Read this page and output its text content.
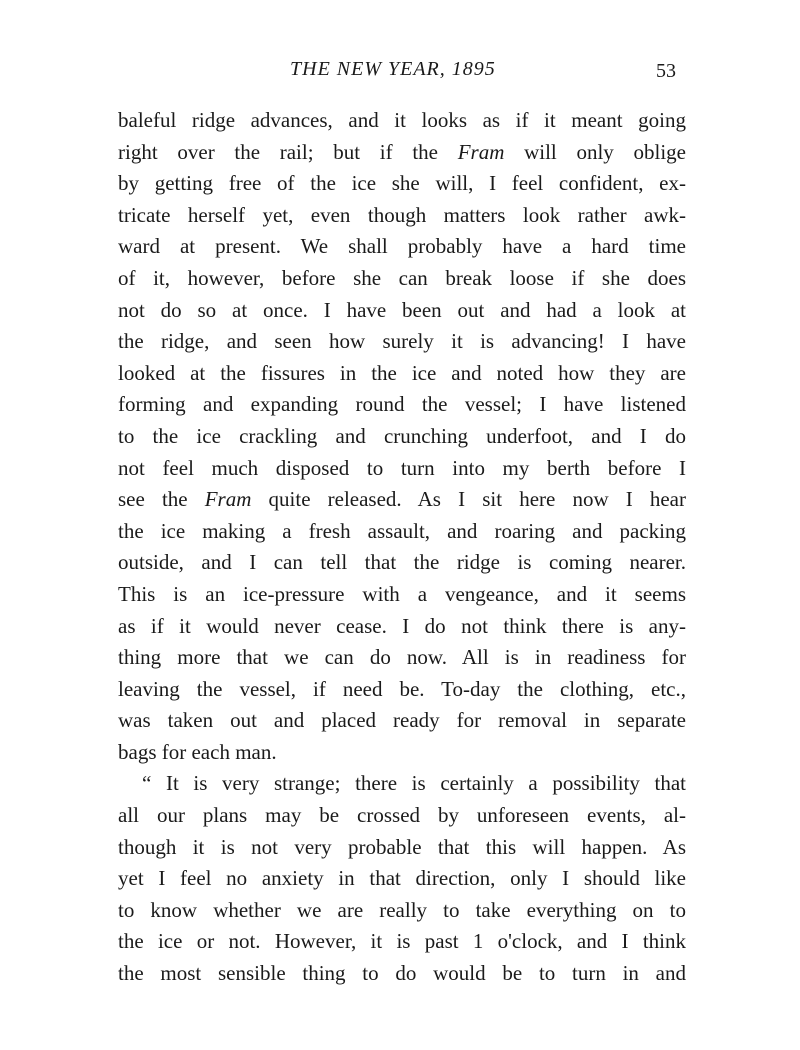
THE NEW YEAR, 1895	53
baleful ridge advances, and it looks as if it meant going
right over the rail; but if the Fram will only oblige
by getting free of the ice she will, I feel confident, ex-
tricate herself yet, even though matters look rather awk-
ward at present. We shall probably have a hard time
of it, however, before she can break loose if she does
not do so at once. I have been out and had a look at
the ridge, and seen how surely it is advancing! I have
looked at the fissures in the ice and noted how they are
forming and expanding round the vessel; I have listened
to the ice crackling and crunching underfoot, and I do
not feel much disposed to turn into my berth before I
see the Fram quite released. As I sit here now I hear
the ice making a fresh assault, and roaring and packing
outside, and I can tell that the ridge is coming nearer.
This is an ice-pressure with a vengeance, and it seems
as if it would never cease. I do not think there is any-
thing more that we can do now. All is in readiness for
leaving the vessel, if need be. To-day the clothing, etc.,
was taken out and placed ready for removal in separate
bags for each man.
“ It is very strange; there is certainly a possibility that
all our plans may be crossed by unforeseen events, al-
though it is not very probable that this will happen. As
yet I feel no anxiety in that direction, only I should like
to know whether we are really to take everything on to
the ice or not. However, it is past 1 o'clock, and I think
the most sensible thing to do would be to turn in and
